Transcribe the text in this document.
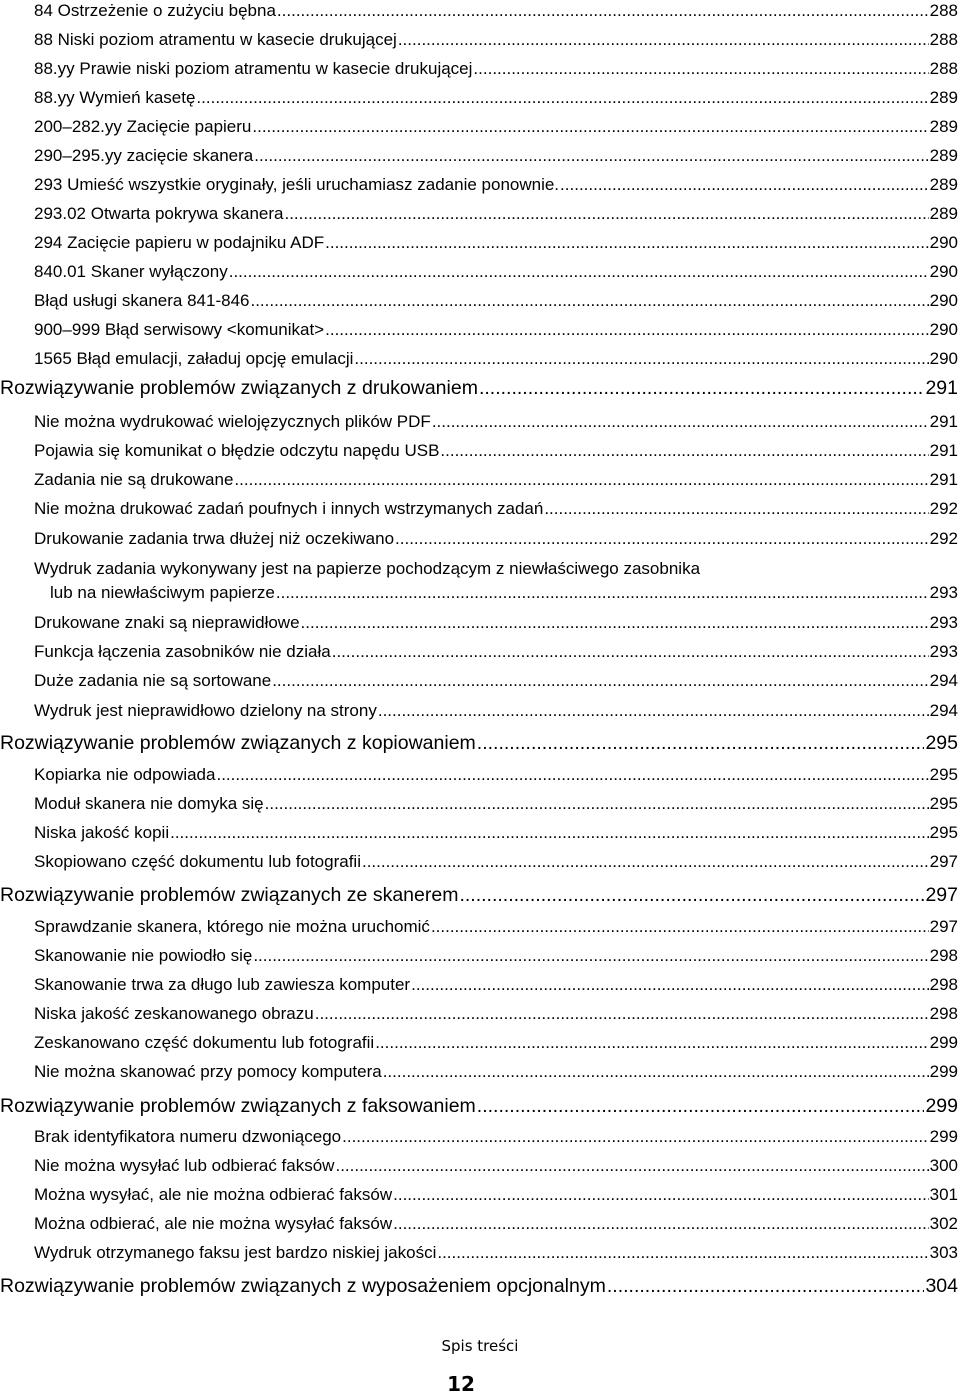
84 Ostrzeżenie o zużyciu bębna .....	288
88 Niski poziom atramentu w kasecie drukującej .....	288
88.yy Prawie niski poziom atramentu w kasecie drukującej .....	288
88.yy Wymień kasetę .....	289
200–282.yy Zacięcie papieru .....	289
290–295.yy zacięcie skanera .....	289
293 Umieść wszystkie oryginały, jeśli uruchamiasz zadanie ponownie. .....	289
293.02 Otwarta pokrywa skanera .....	289
294 Zacięcie papieru w podajniku ADF .....	290
840.01 Skaner wyłączony .....	290
Błąd usługi skanera 841-846 .....	290
900–999 Błąd serwisowy <komunikat> .....	290
1565 Błąd emulacji, załaduj opcję emulacji .....	290
Rozwiązywanie problemów związanych z drukowaniem .....	291
Nie można wydrukować wielojęzycznych plików PDF .....	291
Pojawia się komunikat o błędzie odczytu napędu USB .....	291
Zadania nie są drukowane .....	291
Nie można drukować zadań poufnych i innych wstrzymanych zadań .....	292
Drukowanie zadania trwa dłużej niż oczekiwano .....	292
Wydruk zadania wykonywany jest na papierze pochodzącym z niewłaściwego zasobnika
lub na niewłaściwym papierze .....	293
Drukowane znaki są nieprawidłowe .....	293
Funkcja łączenia zasobników nie działa .....	293
Duże zadania nie są sortowane .....	294
Wydruk jest nieprawidłowo dzielony na strony .....	294
Rozwiązywanie problemów związanych z kopiowaniem .....	295
Kopiarka nie odpowiada .....	295
Moduł skanera nie domyka się .....	295
Niska jakość kopii .....	295
Skopiowano część dokumentu lub fotografii .....	297
Rozwiązywanie problemów związanych ze skanerem .....	297
Sprawdzanie skanera, którego nie można uruchomić .....	297
Skanowanie nie powiodło się .....	298
Skanowanie trwa za długo lub zawiesza komputer .....	298
Niska jakość zeskanowanego obrazu .....	298
Zeskanowano część dokumentu lub fotografii .....	299
Nie można skanować przy pomocy komputera .....	299
Rozwiązywanie problemów związanych z faksowaniem .....	299
Brak identyfikatora numeru dzwoniącego .....	299
Nie można wysyłać lub odbierać faksów .....	300
Można wysyłać, ale nie można odbierać faksów .....	301
Można odbierać, ale nie można wysyłać faksów .....	302
Wydruk otrzymanego faksu jest bardzo niskiej jakości .....	303
Rozwiązywanie problemów związanych z wyposażeniem opcjonalnym .....	304
Spis treści
12
